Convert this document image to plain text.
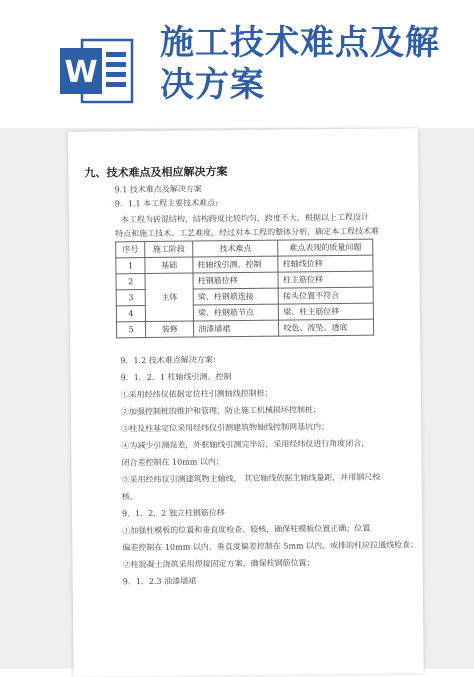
W
施工技术难点及解
决方案
九、技术难点及相应解决方案
9.1 技术难点及解决方案
9．1.1 本工程主要技术难点:
本工程为砖混结构，结构跨度比较均匀，跨度不大，根据以上工程设计
特点和施工技术、工艺难度，经过对本工程的整体分析，确定本工程技术难
序号	施工阶段	技术难点	难点表现的质量问题
1	基础	柱轴线引测、控制	柱轴线位移
2	主体	柱钢筋位移	柱主筋位移
3		梁、柱钢筋连接	接头位置不符合
4		梁、柱钢筋节点	梁、柱主筋位移
5	装修	油漆墙裙	咬色、流坠、透底
9．1.2 技术难点解决方案：
9．1．2．1 柱轴线引测、控制
①采用经纬仪依据定位柱引测轴线控制桩；
②加强控制桩的维护和管理，防止施工机械损坏控制桩；
③柱及柱基定位采用经纬仪引测建筑物轴线控制网基坑内；
④为减少引测误差，外框轴线引测完毕后，采用经纬仪进行角度闭合，
闭合差控制在 10mm 以内；
⑤采用经纬仪引测建筑物主轴线， 其它轴线依据主轴线量距，并用钢尺校
核。
9．1．2．2 独立柱钢筋位移
①加强柱模板的位置和垂直度检查、较核，确保柱模板位置正确；位置
偏差控制在 10mm 以内，垂直度偏差控制在 5mm 以内，成排的柱应拉通线检查；
②柱混凝土浇筑采用焊接固定方案，确保柱钢筋位置；
9．1．2.3 油漆墙裙
